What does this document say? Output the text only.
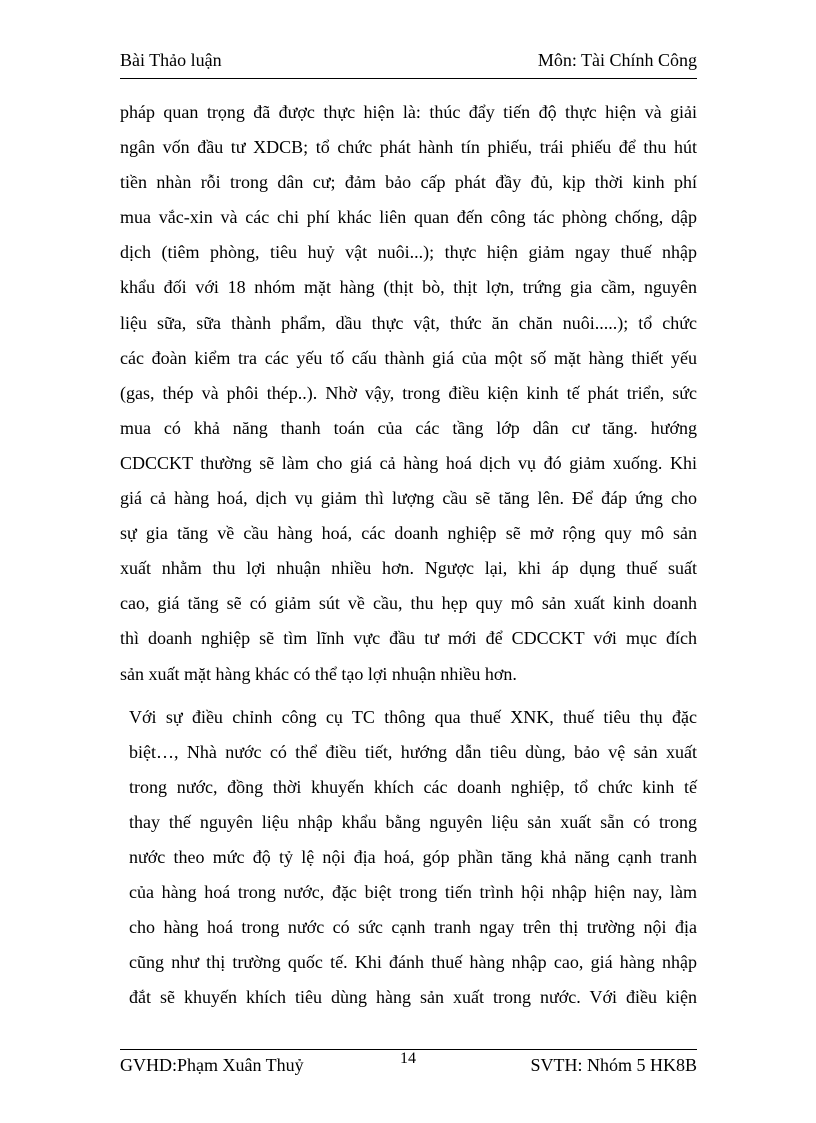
Bài Thảo luận	Môn: Tài Chính Công

pháp quan trọng đã được thực hiện là: thúc đẩy tiến độ thực hiện và giải
ngân vốn đầu tư XDCB; tổ chức phát hành tín phiếu, trái phiếu để thu hút
tiền nhàn rỗi trong dân cư; đảm bảo cấp phát đầy đủ, kịp thời kinh phí
mua vắc-xin và các chi phí khác liên quan đến công tác phòng chống, dập
dịch (tiêm phòng, tiêu huỷ vật nuôi...); thực hiện giảm ngay thuế nhập
khẩu đối với 18 nhóm mặt hàng (thịt bò, thịt lợn, trứng gia cầm, nguyên
liệu sữa, sữa thành phẩm, dầu thực vật, thức ăn chăn nuôi.....); tổ chức
các đoàn kiểm tra các yếu tố cấu thành giá của một số mặt hàng thiết yếu
(gas, thép và phôi thép..). Nhờ vậy, trong điều kiện kinh tế phát triển, sức
mua có khả năng thanh toán của các tầng lớp dân cư tăng. hướng
CDCCKT thường sẽ làm cho giá cả hàng hoá dịch vụ đó giảm xuống. Khi
giá cả hàng hoá, dịch vụ giảm thì lượng cầu sẽ tăng lên. Để đáp ứng cho
sự gia tăng về cầu hàng hoá, các doanh nghiệp sẽ mở rộng quy mô sản
xuất nhằm thu lợi nhuận nhiều hơn. Ngược lại, khi áp dụng thuế suất
cao, giá tăng sẽ có giảm sút về cầu, thu hẹp quy mô sản xuất kinh doanh
thì doanh nghiệp sẽ tìm lĩnh vực đầu tư mới để CDCCKT với mục đích
sản xuất mặt hàng khác có thể tạo lợi nhuận nhiều hơn.

Với sự điều chỉnh công cụ TC thông qua thuế XNK, thuế tiêu thụ đặc
biệt…, Nhà nước có thể điều tiết, hướng dẫn tiêu dùng, bảo vệ sản xuất
trong nước, đồng thời khuyến khích các doanh nghiệp, tổ chức kinh tế
thay thế nguyên liệu nhập khẩu bằng nguyên liệu sản xuất sẵn có trong
nước theo mức độ tỷ lệ nội địa hoá, góp phần tăng khả năng cạnh tranh
của hàng hoá trong nước, đặc biệt trong tiến trình hội nhập hiện nay, làm
cho hàng hoá trong nước có sức cạnh tranh ngay trên thị trường nội địa
cũng như thị trường quốc tế. Khi đánh thuế hàng nhập cao, giá hàng nhập
đắt sẽ khuyến khích tiêu dùng hàng sản xuất trong nước. Với điều kiện

GVHD:Phạm Xuân Thuỷ	14	SVTH: Nhóm 5 HK8B
